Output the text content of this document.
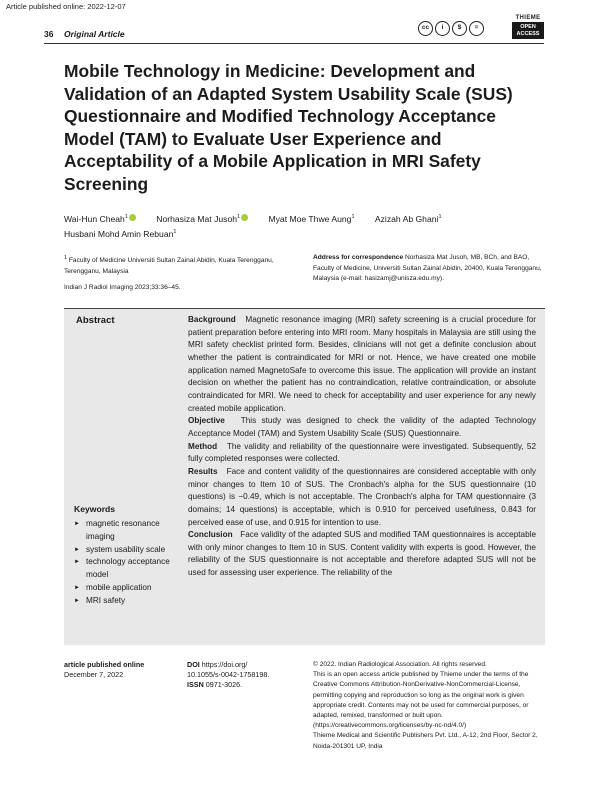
Article published online: 2022-12-07
36 Original Article
cc	i	$	=
THIEME
OPEN
ACCESS
Mobile Technology in Medicine: Development and Validation of an Adapted System Usability Scale (SUS) Questionnaire and Modified Technology Acceptance Model (TAM) to Evaluate User Experience and Acceptability of a Mobile Application in MRI Safety Screening
Wai-Hun Cheah$^1$	Norhasiza Mat Jusoh$^1$	Myat Moe Thwe Aung$^1$ Azizah Ab Ghani$^1$
Husbani Mohd Amin Rebuan$^1$
$^1$ Faculty of Medicine Universiti Sultan Zainal Abidin, Kuala Terengganu, Terengganu, Malaysia
Indian J Radiol Imaging 2023;33:36–45.
Address for correspondence Norhasiza Mat Jusoh, MB, BCh, and BAO, Faculty of Medicine, Universiti Sultan Zainal Abidin, 20400, Kuala Terengganu, Malaysia (e-mail: hasizamj@unisza.edu.my).
Abstract
Keywords
► magnetic resonance imaging
► system usability scale
► technology acceptance model
► mobile application
► MRI safety

Background Magnetic resonance imaging (MRI) safety screening is a crucial procedure for patient preparation before entering into MRI room. Many hospitals in Malaysia are still using the MRI safety checklist printed form. Besides, clinicians will not get a definite conclusion about whether the patient is contraindicated for MRI or not. Hence, we have created one mobile application named MagnetoSafe to overcome this issue. The application will provide an instant decision on whether the patient has no contraindication, relative contraindication, or absolute contraindicated for MRI. We need to check for acceptability and user experience for any newly created mobile application.

Objective This study was designed to check the validity of the adapted Technology Acceptance Model (TAM) and System Usability Scale (SUS) Questionnaire.

Method The validity and reliability of the questionnaire were investigated. Subsequently, 52 fully completed responses were collected.

Results Face and content validity of the questionnaires are considered acceptable with only minor changes to Item 10 of SUS. The Cronbach's alpha for the SUS questionnaire (10 questions) is −0.49, which is not acceptable. The Cronbach's alpha for TAM questionnaire (3 domains; 14 questions) is acceptable, which is 0.910 for perceived usefulness, 0.843 for perceived ease of use, and 0.915 for intention to use.

Conclusion Face validity of the adapted SUS and modified TAM questionnaires is acceptable with only minor changes to Item 10 in SUS. Content validity with experts is good. However, the reliability of the SUS questionnaire is not acceptable and therefore adapted SUS will not be used for assessing user experience. The reliability of the

article published online
December 7, 2022
DOI https://doi.org/
10.1055/s-0042-1758198.
ISSN 0971-3026.
© 2022. Indian Radiological Association. All rights reserved.
This is an open access article published by Thieme under the terms of the Creative Commons Attribution-NonDerivative-NonCommercial-License, permitting copying and reproduction so long as the original work is given appropriate credit. Contents may not be used for commercial purposes, or adapted, remixed, transformed or built upon. (https://creativecommons.org/licenses/by-nc-nd/4.0/)
Thieme Medical and Scientific Publishers Pvt. Ltd., A-12, 2nd Floor, Sector 2, Noida-201301 UP, India
